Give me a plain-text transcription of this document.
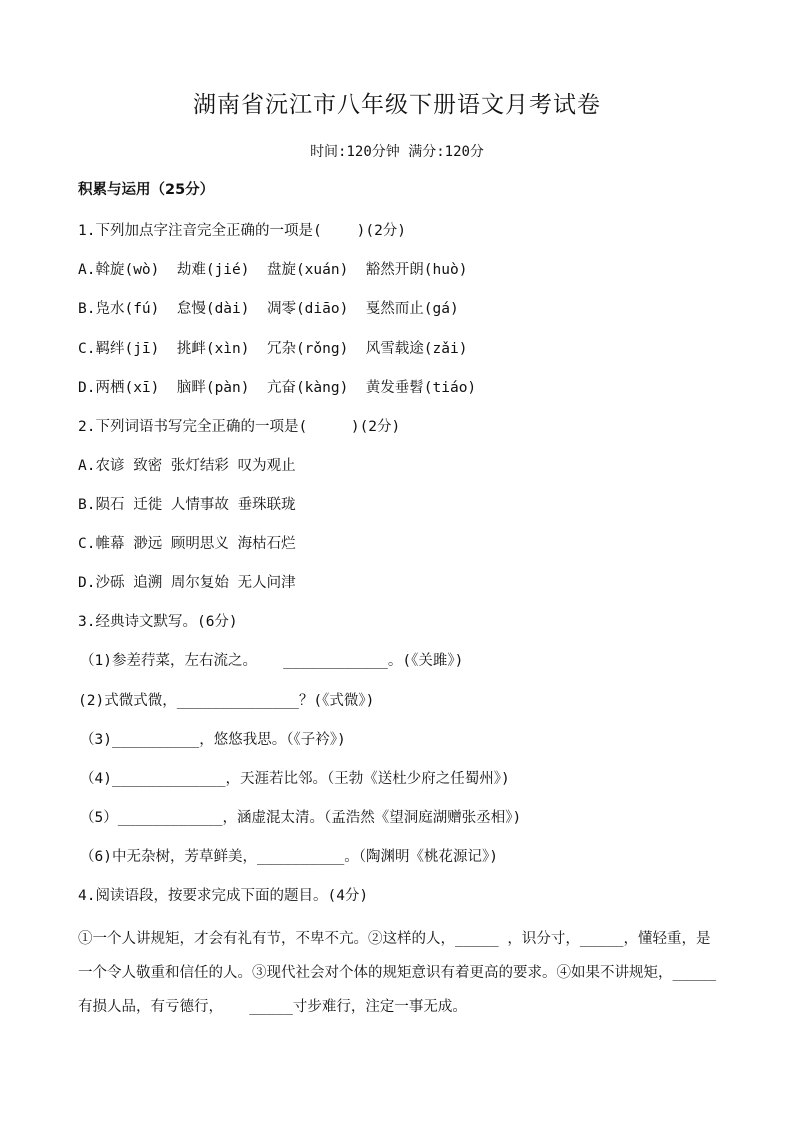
湖南省沅江市八年级下册语文月考试卷
时间:120分钟 满分:120分
积累与运用（25分）
1.下列加点字注音完全正确的一项是(    )(2分)
A.斡旋(wò)  劫难(jié)  盘旋(xuán)  豁然开朗(huò)
B.凫水(fú)  怠慢(dài)  凋零(diāo)  戛然而止(gá)
C.羁绊(jī)  挑衅(xìn)  冗杂(rǒng)  风雪载途(zǎi)
D.两栖(xī)  脑畔(pàn)  亢奋(kàng)  黄发垂髫(tiáo)
2.下列词语书写完全正确的一项是(     )(2分)
A.农谚 致密 张灯结彩 叹为观止
B.陨石 迁徙 人情事故 垂珠联珑
C.帷幕 渺远 顾明思义 海枯石烂
D.沙砾 追溯 周尔复始 无人问津
3.经典诗文默写。(6分)
（1)参差荇菜，左右流之。   ____________。(《关雎》)
(2)式微式微，______________？(《式微》)
（3)__________，悠悠我思。（《子衿》)
（4)_____________，天涯若比邻。（王勃《送杜少府之任蜀州》)
（5）____________，涵虚混太清。（孟浩然《望洞庭湖赠张丞相》)
（6)中无杂树，芳草鲜美，__________。（陶渊明《桃花源记》)
4.阅读语段，按要求完成下面的题目。(4分)
①一个人讲规矩，才会有礼有节，不卑不亢。②这样的人，_____ ，识分寸，_____，懂轻重，是一个令人敬重和信任的人。③现代社会对个体的规矩意识有着更高的要求。④如果不讲规矩，_____有损人品，有亏德行，   _____寸步难行，注定一事无成。
